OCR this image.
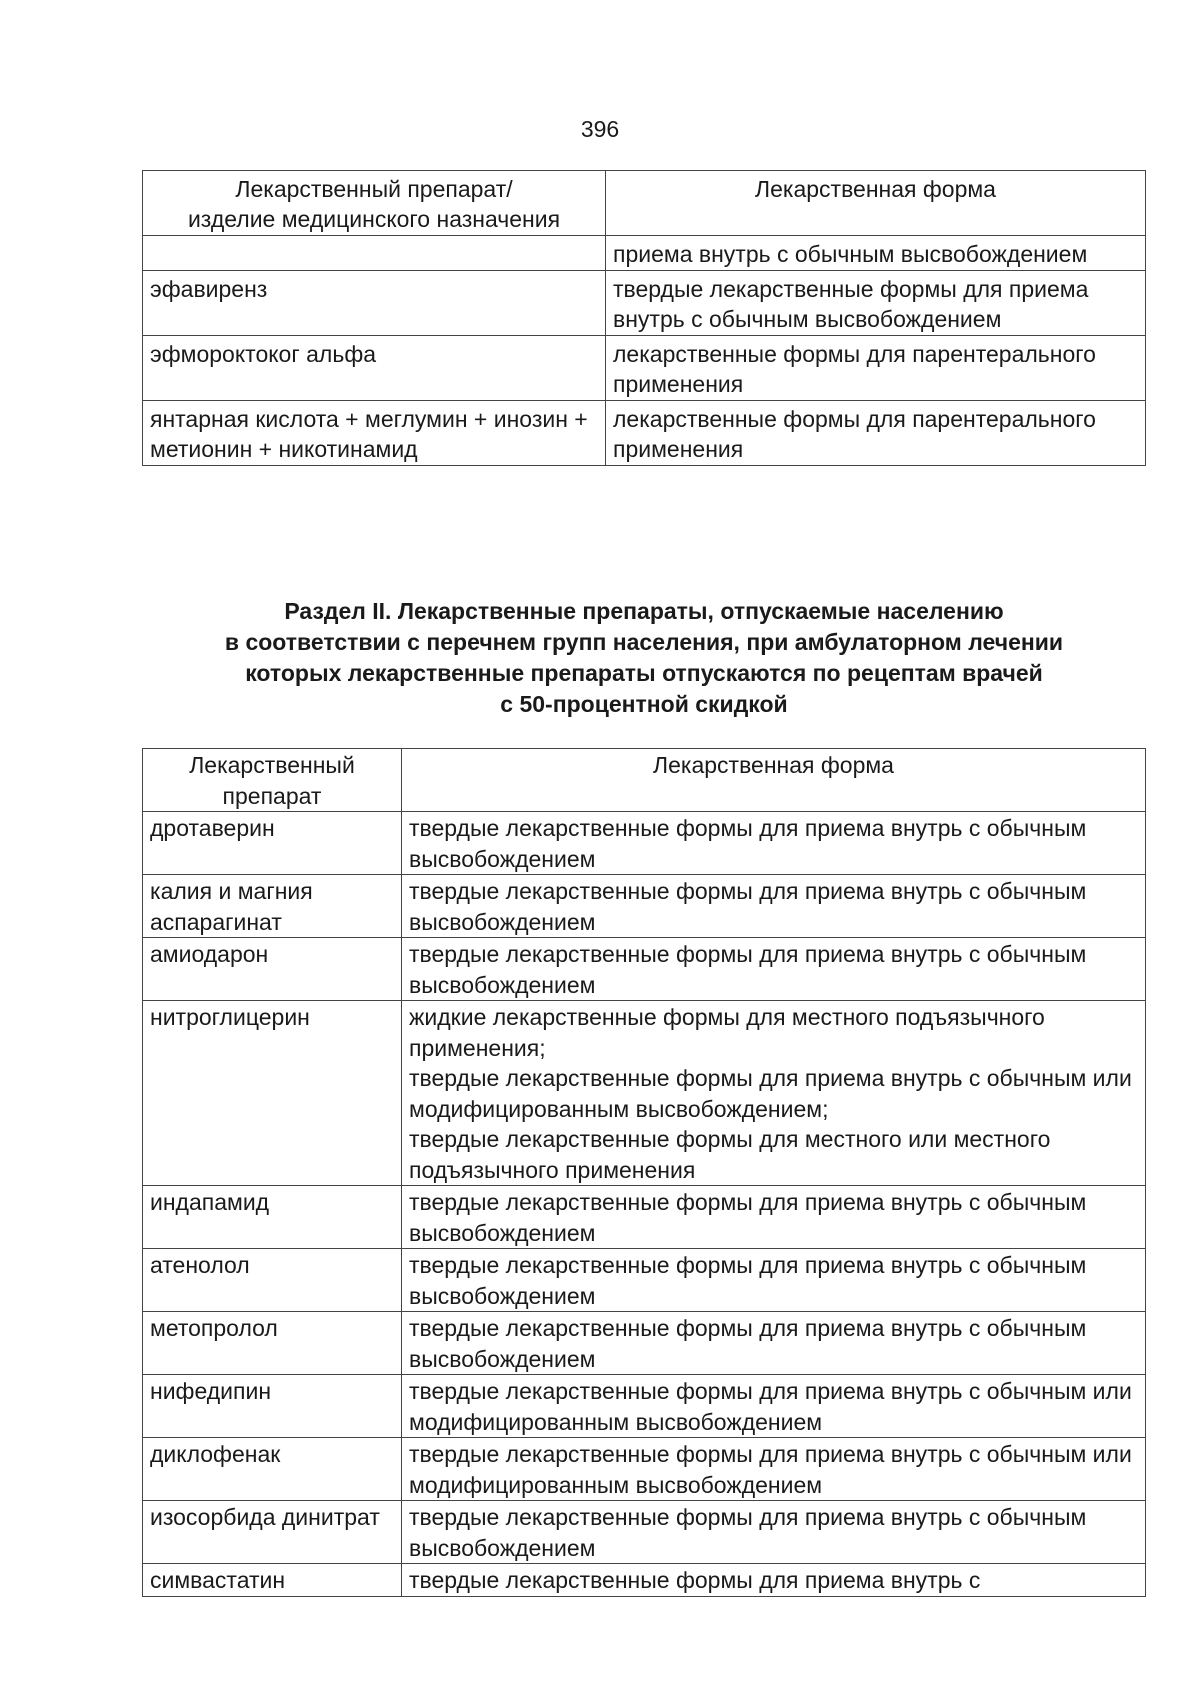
396
Лекарственный препарат/
изделие медицинского назначения	Лекарственная форма
	приема внутрь с обычным высвобождением
эфавиренз	твердые лекарственные формы для приема внутрь с обычным высвобождением
эфмороктоког альфа	лекарственные формы для парентерального применения
янтарная кислота + меглумин + инозин + метионин + никотинамид	лекарственные формы для парентерального применения
Раздел II. Лекарственные препараты, отпускаемые населению
в соответствии с перечнем групп населения, при амбулаторном лечении
которых лекарственные препараты отпускаются по рецептам врачей
с 50-процентной скидкой
Лекарственный препарат	Лекарственная форма
дротаверин	твердые лекарственные формы для приема внутрь с обычным высвобождением

калия и магния аспарагинат	твердые лекарственные формы для приема внутрь с обычным высвобождением

амиодарон	твердые лекарственные формы для приема внутрь с обычным высвобождением

нитроглицерин	жидкие лекарственные формы для местного подъязычного применения;
твердые лекарственные формы для приема внутрь с обычным или модифицированным высвобождением;
твердые лекарственные формы для местного или местного подъязычного применения

индапамид	твердые лекарственные формы для приема внутрь с обычным высвобождением

атенолол	твердые лекарственные формы для приема внутрь с обычным высвобождением

метопролол	твердые лекарственные формы для приема внутрь с обычным высвобождением

нифедипин	твердые лекарственные формы для приема внутрь с обычным или модифицированным высвобождением

диклофенак	твердые лекарственные формы для приема внутрь с обычным или модифицированным высвобождением

изосорбида динитрат	твердые лекарственные формы для приема внутрь с обычным высвобождением

симвастатин	твердые лекарственные формы для приема внутрь с
